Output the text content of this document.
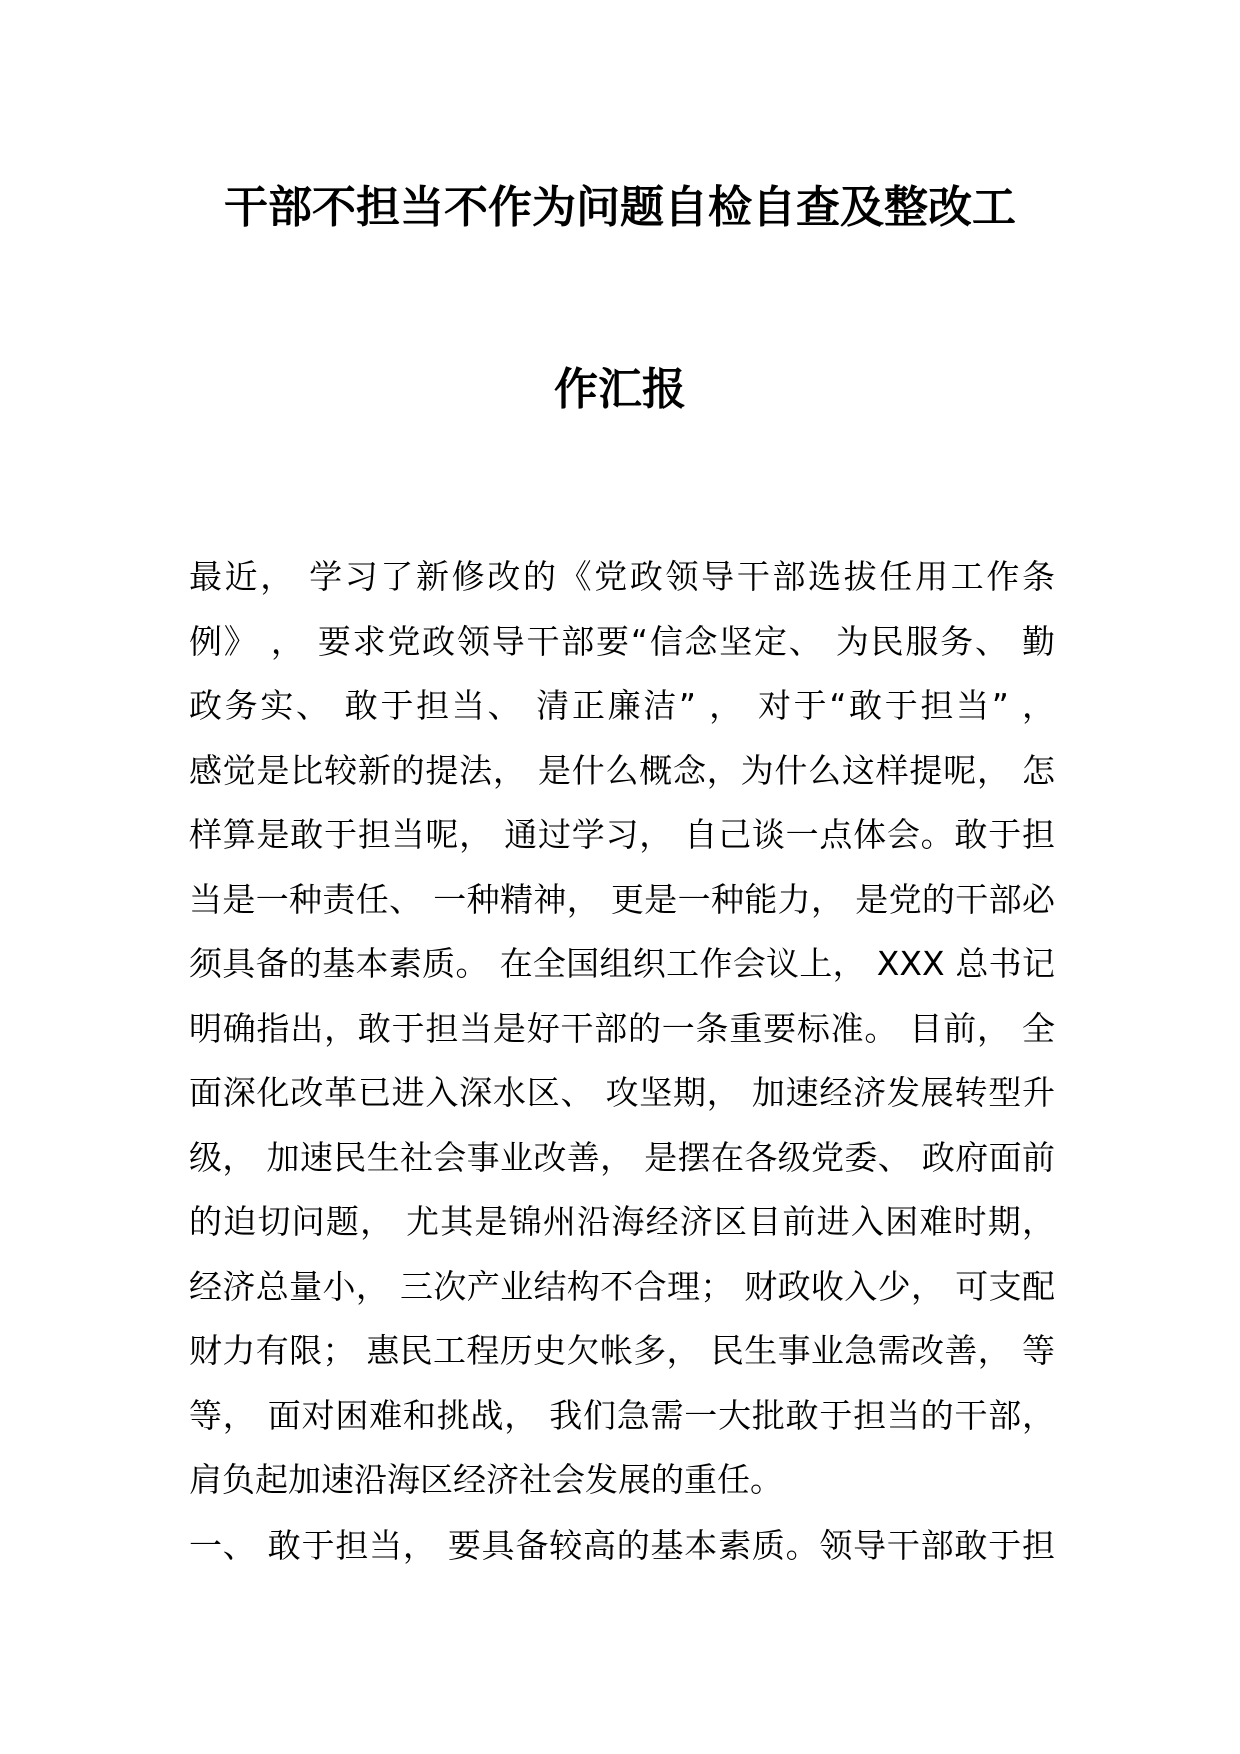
干部不担当不作为问题自检自查及整改工
作汇报
最近， 学习了新修改的《党政领导干部选拔任用工作条
例》 ， 要求党政领导干部要“信念坚定、 为民服务、 勤
政务实、 敢于担当、 清正廉洁” ， 对于“敢于担当” ，
感觉是比较新的提法， 是什么概念，为什么这样提呢， 怎
样算是敢于担当呢， 通过学习， 自己谈一点体会。敢于担
当是一种责任、 一种精神， 更是一种能力， 是党的干部必
须具备的基本素质。 在全国组织工作会议上， XXX 总书记
明确指出，敢于担当是好干部的一条重要标准。 目前， 全
面深化改革已进入深水区、 攻坚期， 加速经济发展转型升
级， 加速民生社会事业改善， 是摆在各级党委、 政府面前
的迫切问题， 尤其是锦州沿海经济区目前进入困难时期，
经济总量小， 三次产业结构不合理； 财政收入少， 可支配
财力有限； 惠民工程历史欠帐多， 民生事业急需改善， 等
等， 面对困难和挑战， 我们急需一大批敢于担当的干部，
肩负起加速沿海区经济社会发展的重任。
一、 敢于担当， 要具备较高的基本素质。领导干部敢于担
